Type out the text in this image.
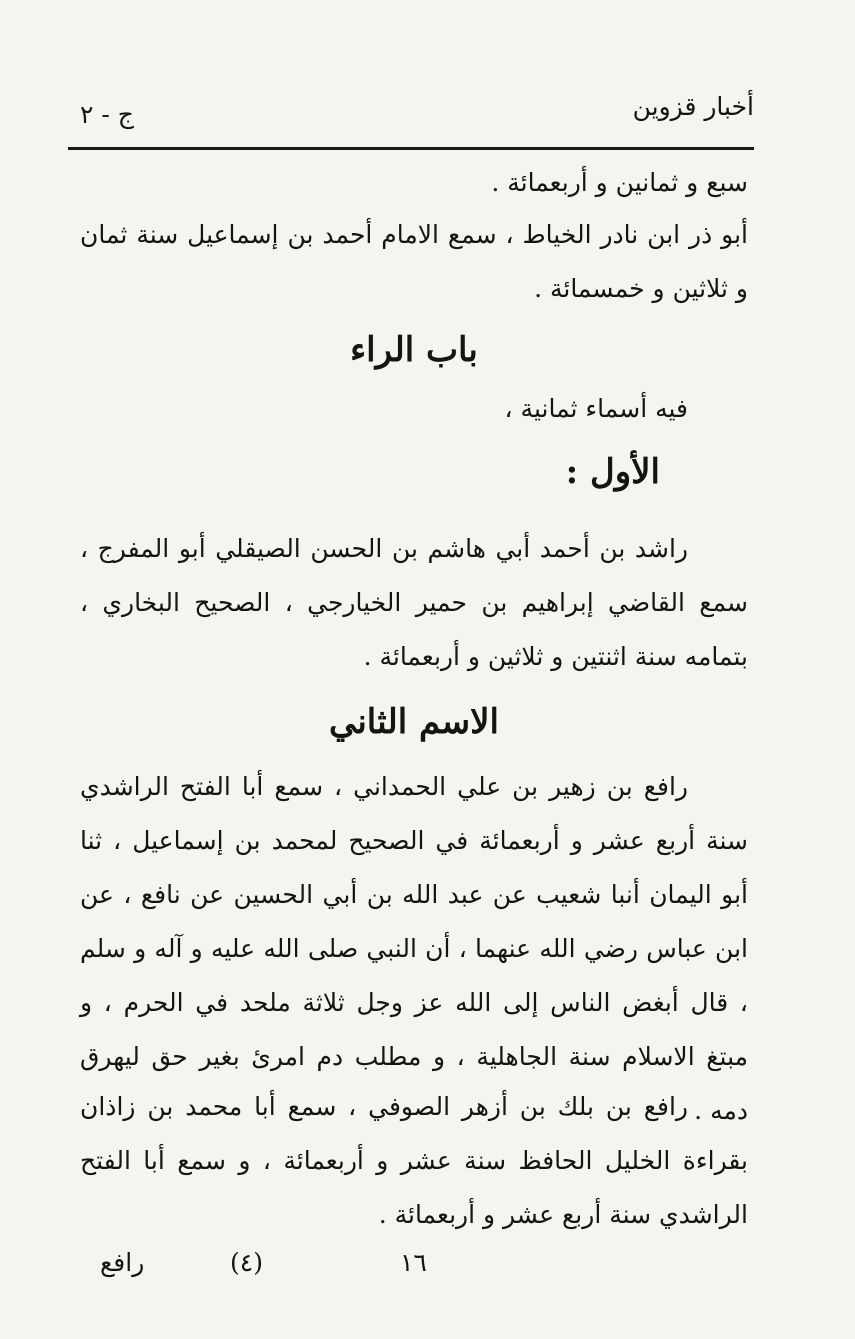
أخبار قزوين
ج - ٢
سبع و ثمانين و أربعمائة .
أبو ذر ابن نادر الخياط ، سمع الامام أحمد بن إسماعيل سنة ثمان و ثلاثين و خمسمائة .
باب الراء
فيه أسماء ثمانية ،
الأول :
راشد بن أحمد أبي هاشم بن الحسن الصيقلي أبو المفرج ، سمع القاضي إبراهيم بن حمير الخيارجي ، الصحيح البخاري ، بتمامه سنة اثنتين و ثلاثين و أربعمائة .
الاسم الثاني
رافع بن زهير بن علي الحمداني ، سمع أبا الفتح الراشدي سنة أربع عشر و أربعمائة في الصحيح لمحمد بن إسماعيل ، ثنا أبو اليمان أنبا شعيب عن عبد الله بن أبي الحسين عن نافع ، عن ابن عباس رضي الله عنهما ، أن النبي صلى الله عليه و آله و سلم ، قال أبغض الناس إلى الله عز وجل ثلاثة ملحد في الحرم ، و مبتغ الاسلام سنة الجاهلية ، و مطلب دم امرئ بغير حق ليهرق دمه .
رافع بن بلك بن أزهر الصوفي ، سمع أبا محمد بن زاذان بقراءة الخليل الحافظ سنة عشر و أربعمائة ، و سمع أبا الفتح الراشدي سنة أربع عشر و أربعمائة .
١٦
(٤)
رافع
